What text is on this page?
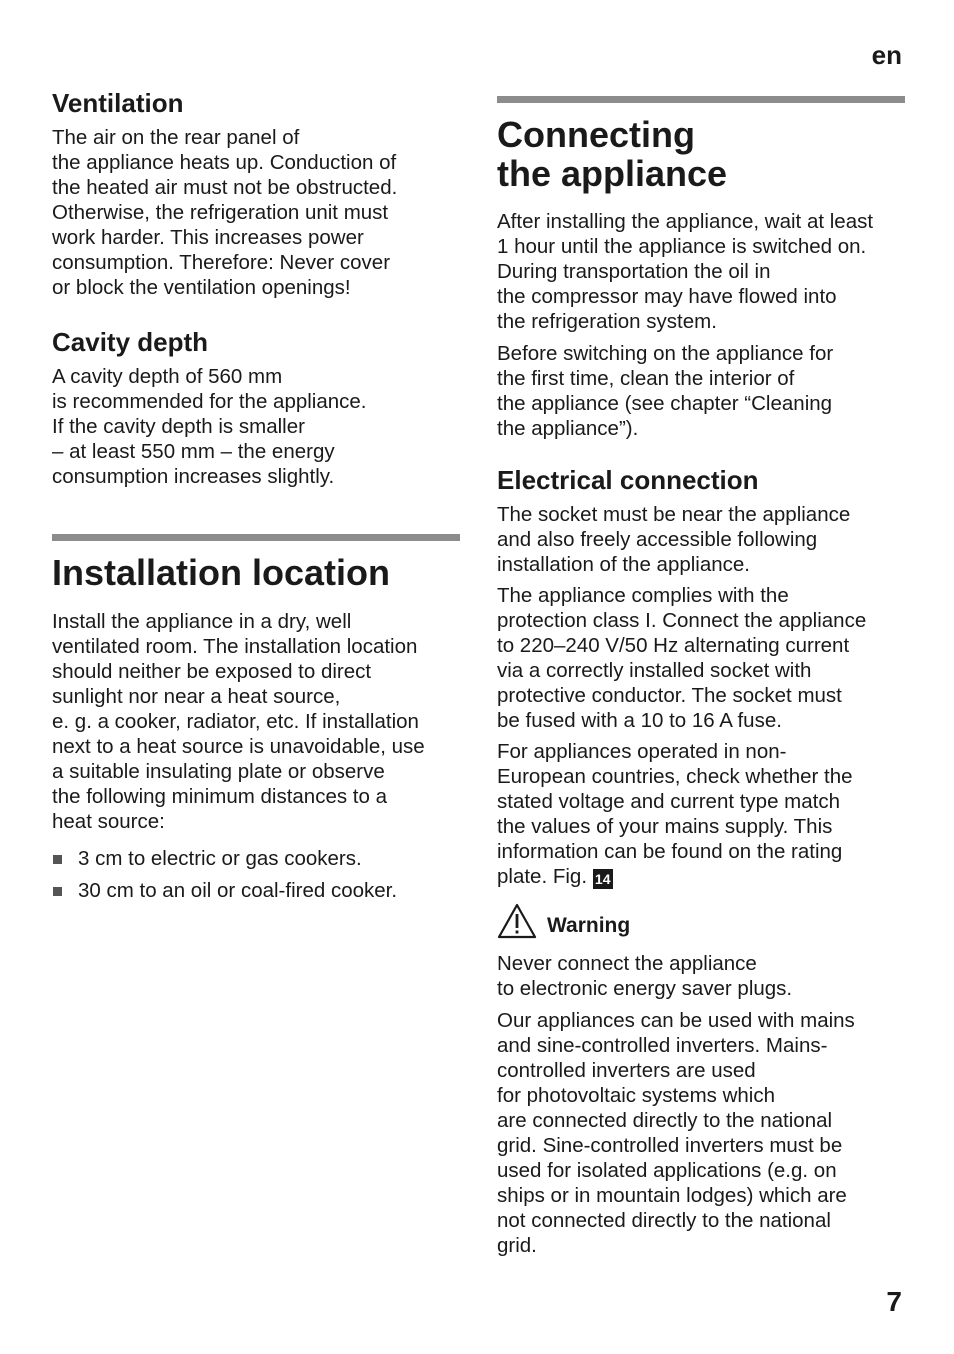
en
Ventilation

The air on the rear panel of
the appliance heats up. Conduction of
the heated air must not be obstructed.
Otherwise, the refrigeration unit must
work harder. This increases power
consumption. Therefore: Never cover
or block the ventilation openings!

Cavity depth

A cavity depth of 560 mm
is recommended for the appliance.
If the cavity depth is smaller
– at least 550 mm – the energy
consumption increases slightly.

Installation location

Install the appliance in a dry, well
ventilated room. The installation location
should neither be exposed to direct
sunlight nor near a heat source,
e. g. a cooker, radiator, etc. If installation
next to a heat source is unavoidable, use
a suitable insulating plate or observe
the following minimum distances to a
heat source:

3 cm to electric or gas cookers.
30 cm to an oil or coal-fired cooker.
Connecting
the appliance

After installing the appliance, wait at least
1 hour until the appliance is switched on.
During transportation the oil in
the compressor may have flowed into
the refrigeration system.

Before switching on the appliance for
the first time, clean the interior of
the appliance (see chapter “Cleaning
the appliance”).

Electrical connection

The socket must be near the appliance
and also freely accessible following
installation of the appliance.

The appliance complies with the
protection class I. Connect the appliance
to 220–240 V/50 Hz alternating current
via a correctly installed socket with
protective conductor. The socket must
be fused with a 10 to 16 A fuse.

For appliances operated in non-
European countries, check whether the
stated voltage and current type match
the values of your mains supply. This
information can be found on the rating
plate. Fig. 14

Warning

Never connect the appliance
to electronic energy saver plugs.

Our appliances can be used with mains
and sine-controlled inverters. Mains-
controlled inverters are used
for photovoltaic systems which
are connected directly to the national
grid. Sine-controlled inverters must be
used for isolated applications (e.g. on
ships or in mountain lodges) which are
not connected directly to the national
grid.

7
